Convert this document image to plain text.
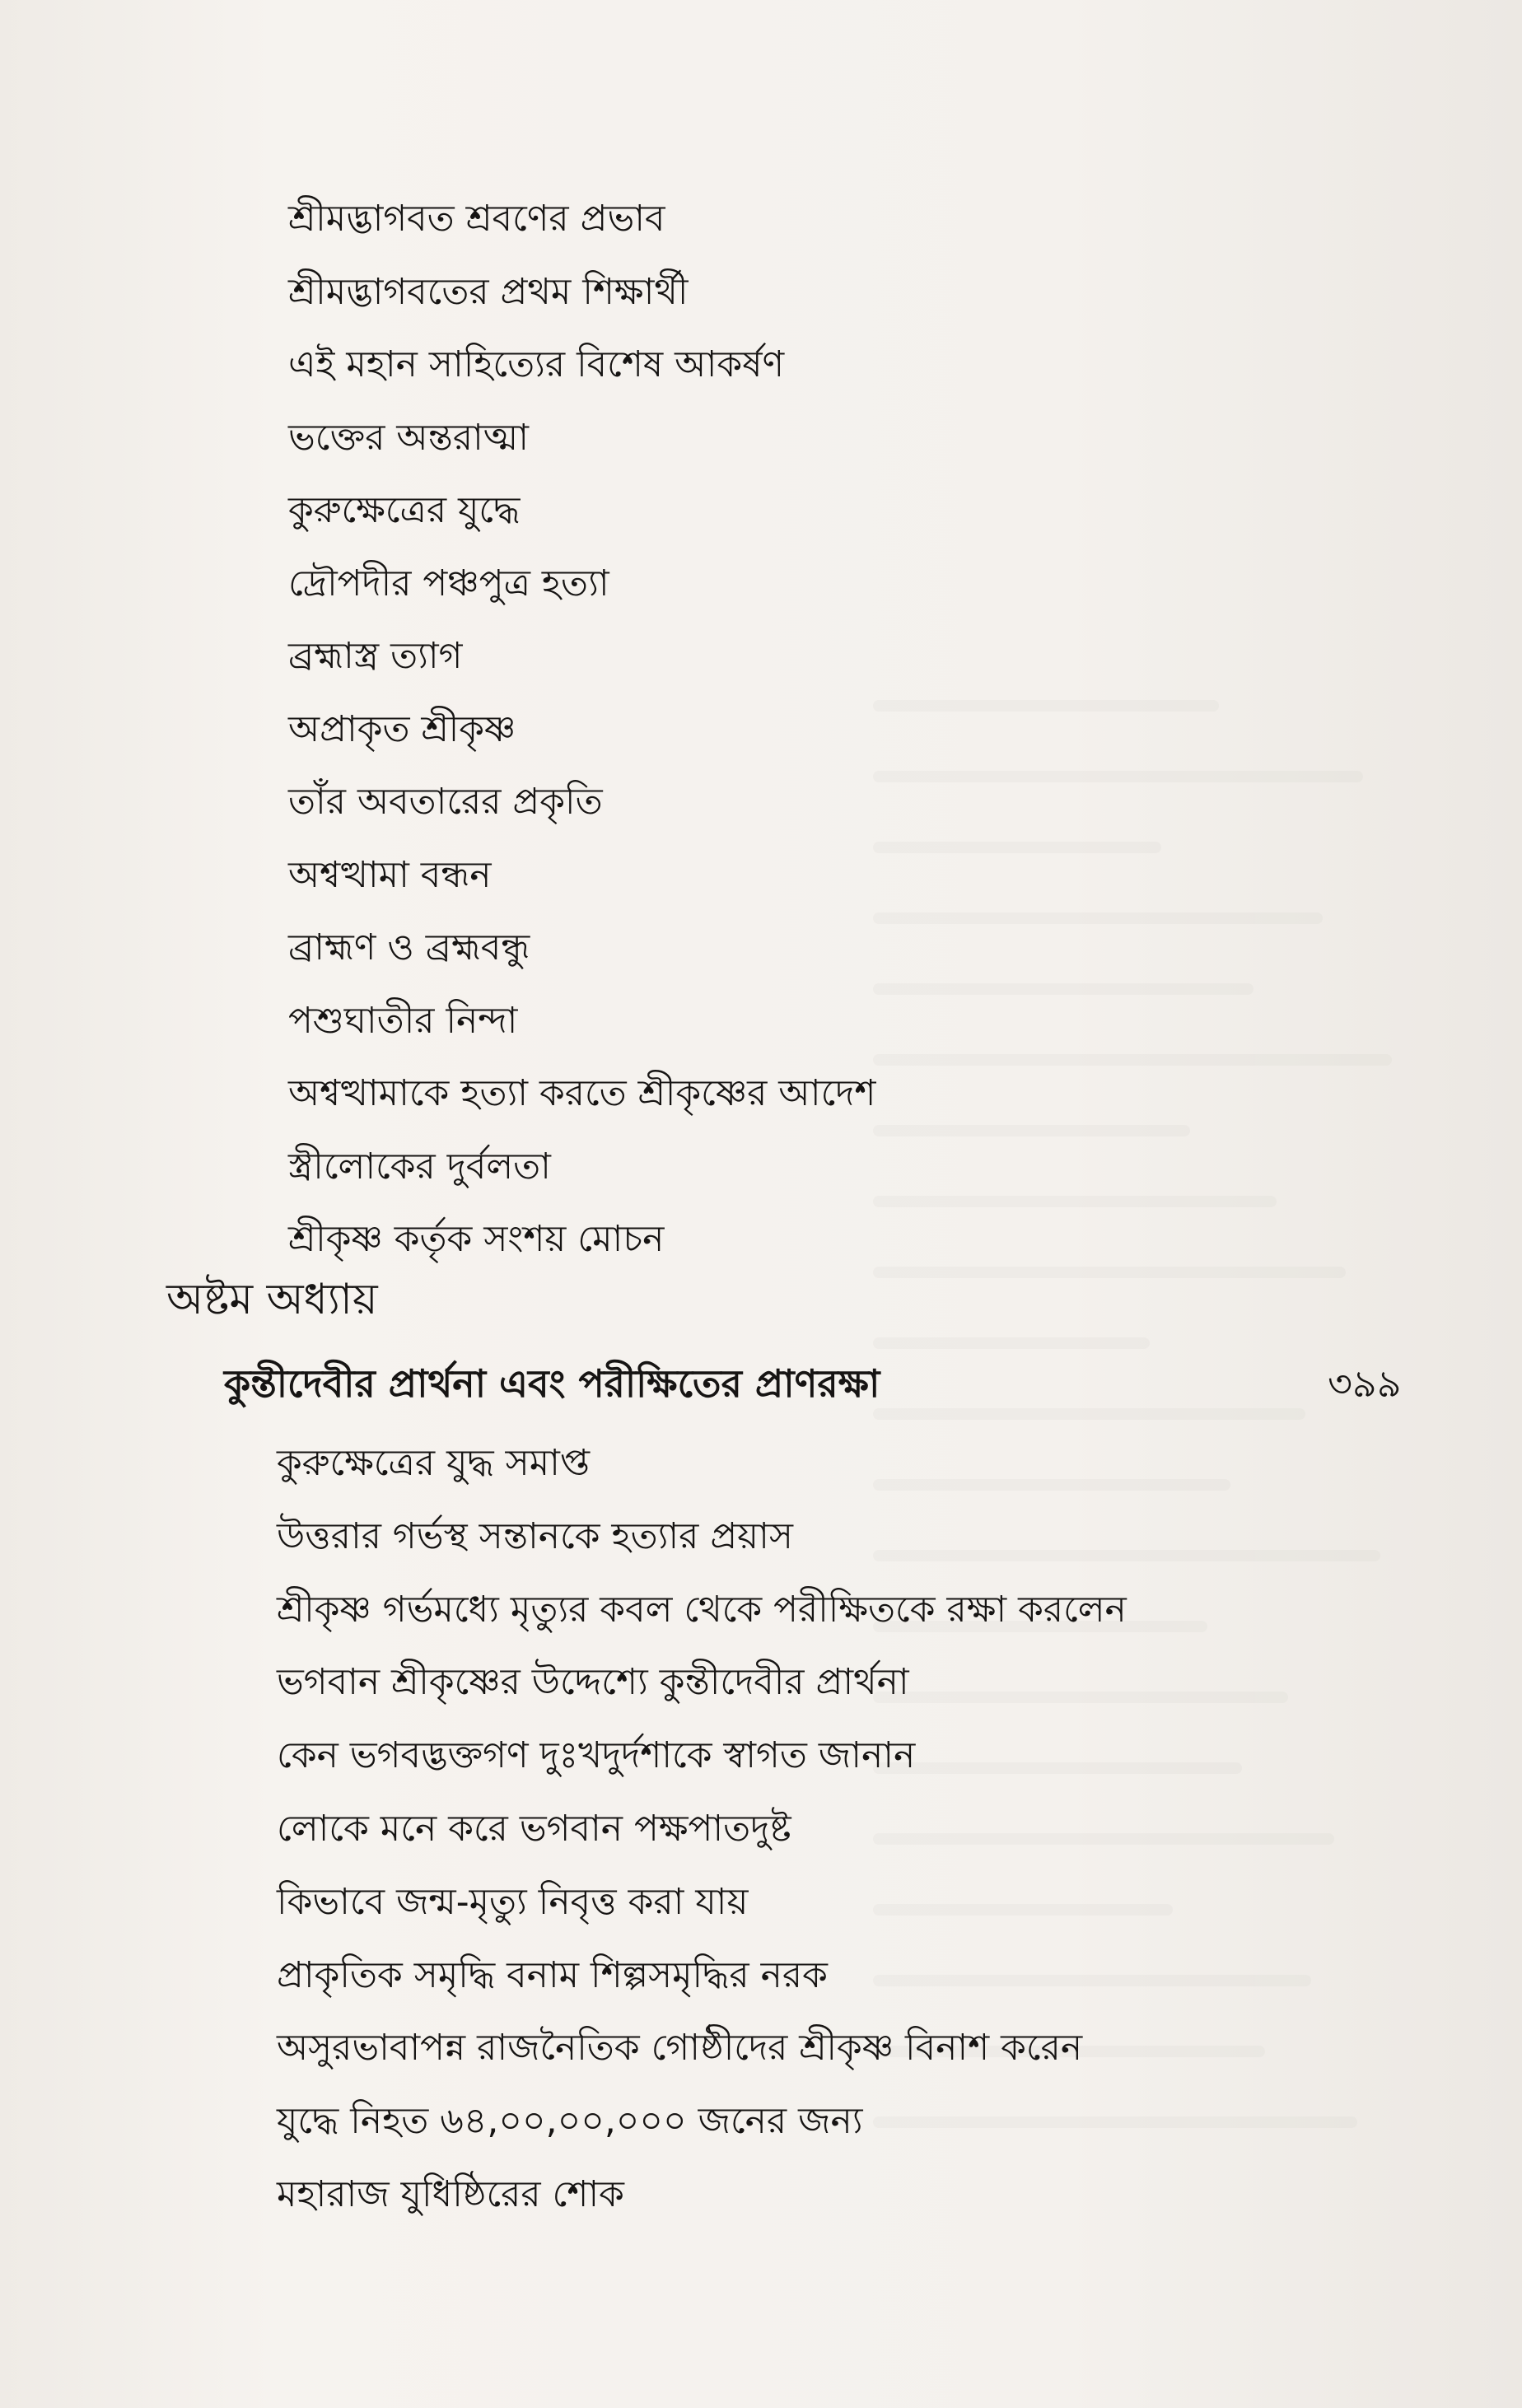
শ্রীমদ্ভাগবত শ্রবণের প্রভাব
শ্রীমদ্ভাগবতের প্রথম শিক্ষার্থী
এই মহান সাহিত্যের বিশেষ আকর্ষণ
ভক্তের অন্তরাত্মা
কুরুক্ষেত্রের যুদ্ধে
দ্রৌপদীর পঞ্চপুত্র হত্যা
ব্রহ্মাস্ত্র ত্যাগ
অপ্রাকৃত শ্রীকৃষ্ণ
তাঁর অবতারের প্রকৃতি
অশ্বত্থামা বন্ধন
ব্রাহ্মণ ও ব্রহ্মবন্ধু
পশুঘাতীর নিন্দা
অশ্বত্থামাকে হত্যা করতে শ্রীকৃষ্ণের আদেশ
স্ত্রীলোকের দুর্বলতা
শ্রীকৃষ্ণ কর্তৃক সংশয় মোচন
অষ্টম অধ্যায়
কুন্তীদেবীর প্রার্থনা এবং পরীক্ষিতের প্রাণরক্ষা	৩৯৯
কুরুক্ষেত্রের যুদ্ধ সমাপ্ত
উত্তরার গর্ভস্থ সন্তানকে হত্যার প্রয়াস
শ্রীকৃষ্ণ গর্ভমধ্যে মৃত্যুর কবল থেকে পরীক্ষিতকে রক্ষা করলেন
ভগবান শ্রীকৃষ্ণের উদ্দেশ্যে কুন্তীদেবীর প্রার্থনা
কেন ভগবদ্ভক্তগণ দুঃখদুর্দশাকে স্বাগত জানান
লোকে মনে করে ভগবান পক্ষপাতদুষ্ট
কিভাবে জন্ম-মৃত্যু নিবৃত্ত করা যায়
প্রাকৃতিক সমৃদ্ধি বনাম শিল্পসমৃদ্ধির নরক
অসুরভাবাপন্ন রাজনৈতিক গোষ্ঠীদের শ্রীকৃষ্ণ বিনাশ করেন
যুদ্ধে নিহত ৬৪,০০,০০,০০০ জনের জন্য
মহারাজ যুধিষ্ঠিরের শোক
